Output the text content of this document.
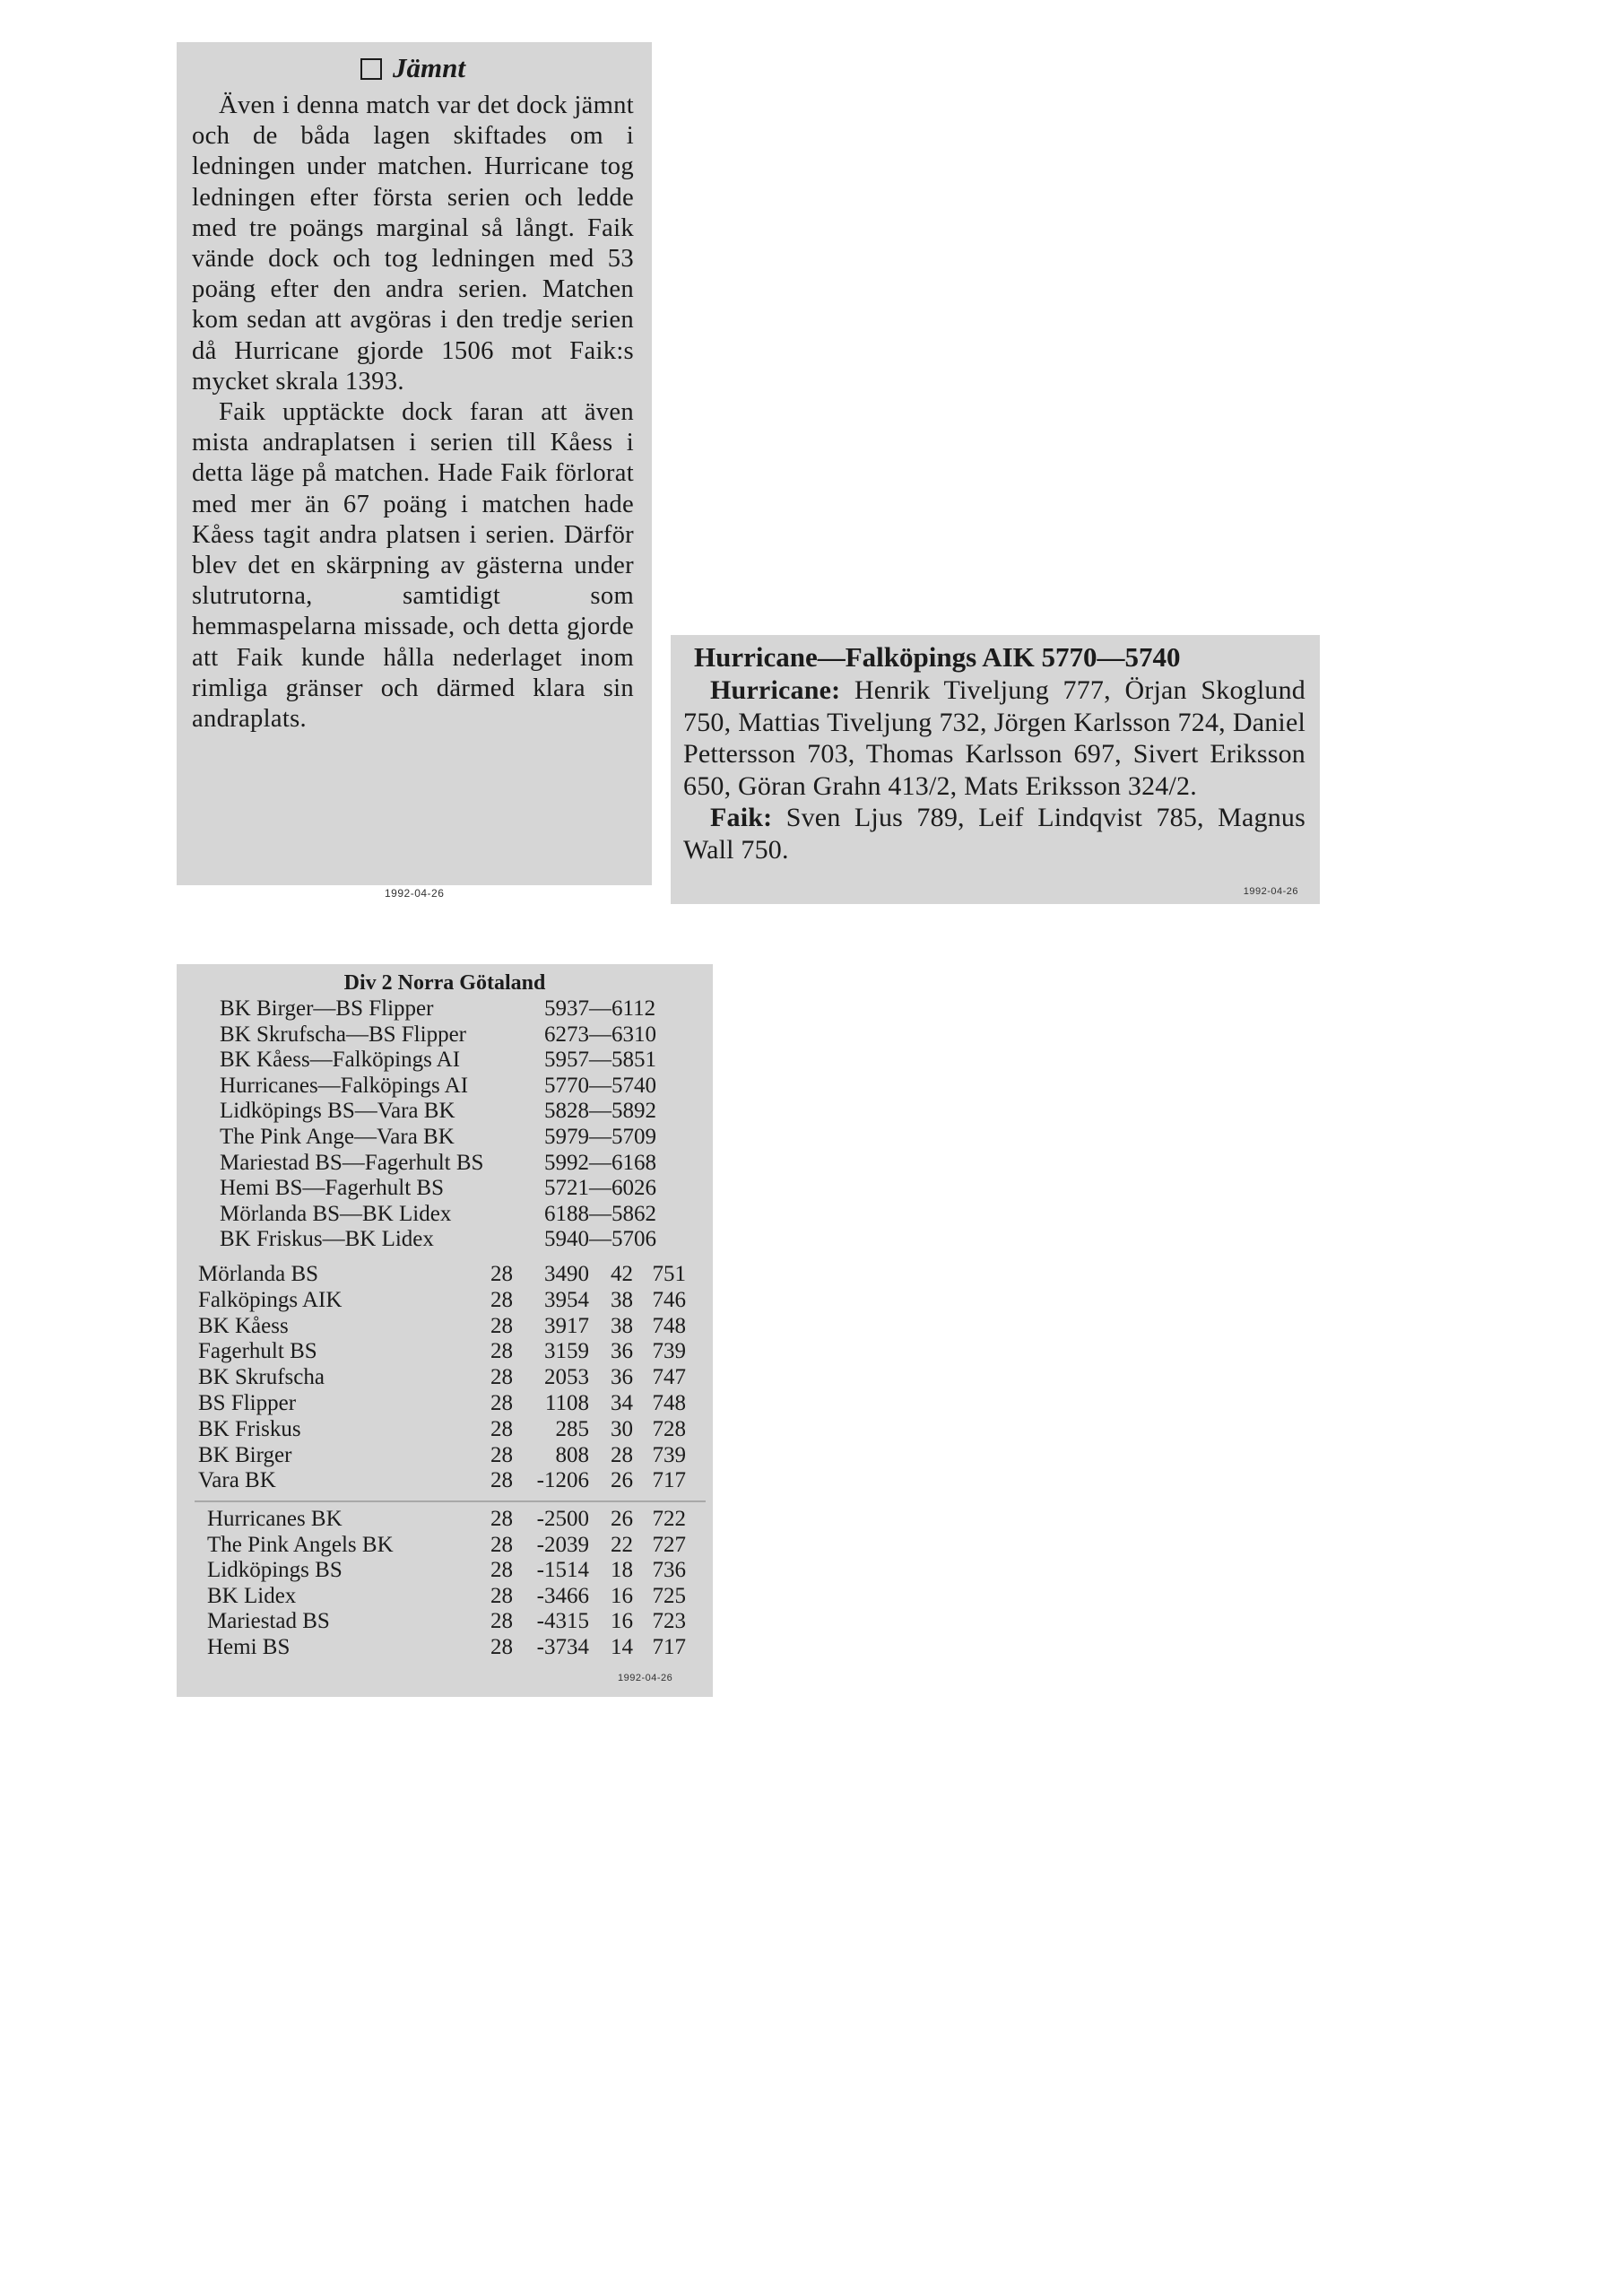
Jämnt

Även i denna match var det dock jämnt och de båda lagen skiftades om i ledningen under matchen. Hurricane tog ledningen efter första serien och ledde med tre poängs marginal så långt. Faik vände dock och tog ledningen med 53 poäng efter den andra serien. Matchen kom sedan att avgöras i den tredje serien då Hurricane gjorde 1506 mot Faik:s mycket skrala 1393.

Faik upptäckte dock faran att även mista andraplatsen i serien till Kåess i detta läge på matchen. Hade Faik förlorat med mer än 67 poäng i matchen hade Kåess tagit andra platsen i serien. Därför blev det en skärpning av gästerna under slutrutorna, samtidigt som hemmaspelarna missade, och detta gjorde att Faik kunde hålla nederlaget inom rimliga gränser och därmed klara sin andraplats.

1992-04-26
Hurricane—Falköpings AIK 5770—5740

Hurricane: Henrik Tiveljung 777, Örjan Skoglund 750, Mattias Tiveljung 732, Jörgen Karlsson 724, Daniel Pettersson 703, Thomas Karlsson 697, Sivert Eriksson 650, Göran Grahn 413/2, Mats Eriksson 324/2.

Faik: Sven Ljus 789, Leif Lindqvist 785, Magnus Wall 750.

1992-04-26
Div 2 Norra Götaland
BK Birger—BS Flipper	5937—6112
BK Skrufscha—BS Flipper	6273—6310
BK Kåess—Falköpings AI	5957—5851
Hurricanes—Falköpings AI	5770—5740
Lidköpings BS—Vara BK	5828—5892
The Pink Ange—Vara BK	5979—5709
Mariestad BS—Fagerhult BS	5992—6168
Hemi BS—Fagerhult BS	5721—6026
Mörlanda BS—BK Lidex	6188—5862
BK Friskus—BK Lidex	5940—5706
Mörlanda BS	28 3490 42 751
Falköpings AIK	28 3954 38 746
BK Kåess	28 3917 38 748
Fagerhult BS	28 3159 36 739
BK Skrufscha	28 2053 36 747
BS Flipper	28 1108 34 748
BK Friskus	28 285 30 728
BK Birger	28 808 28 739
Vara BK	28 -1206 26 717
Hurricanes BK	28 -2500 26 722
The Pink Angels BK	28 -2039 22 727
Lidköpings BS	28 -1514 18 736
BK Lidex	28 -3466 16 725
Mariestad BS	28 -4315 16 723
Hemi BS	28 -3734 14 717
1992-04-26
